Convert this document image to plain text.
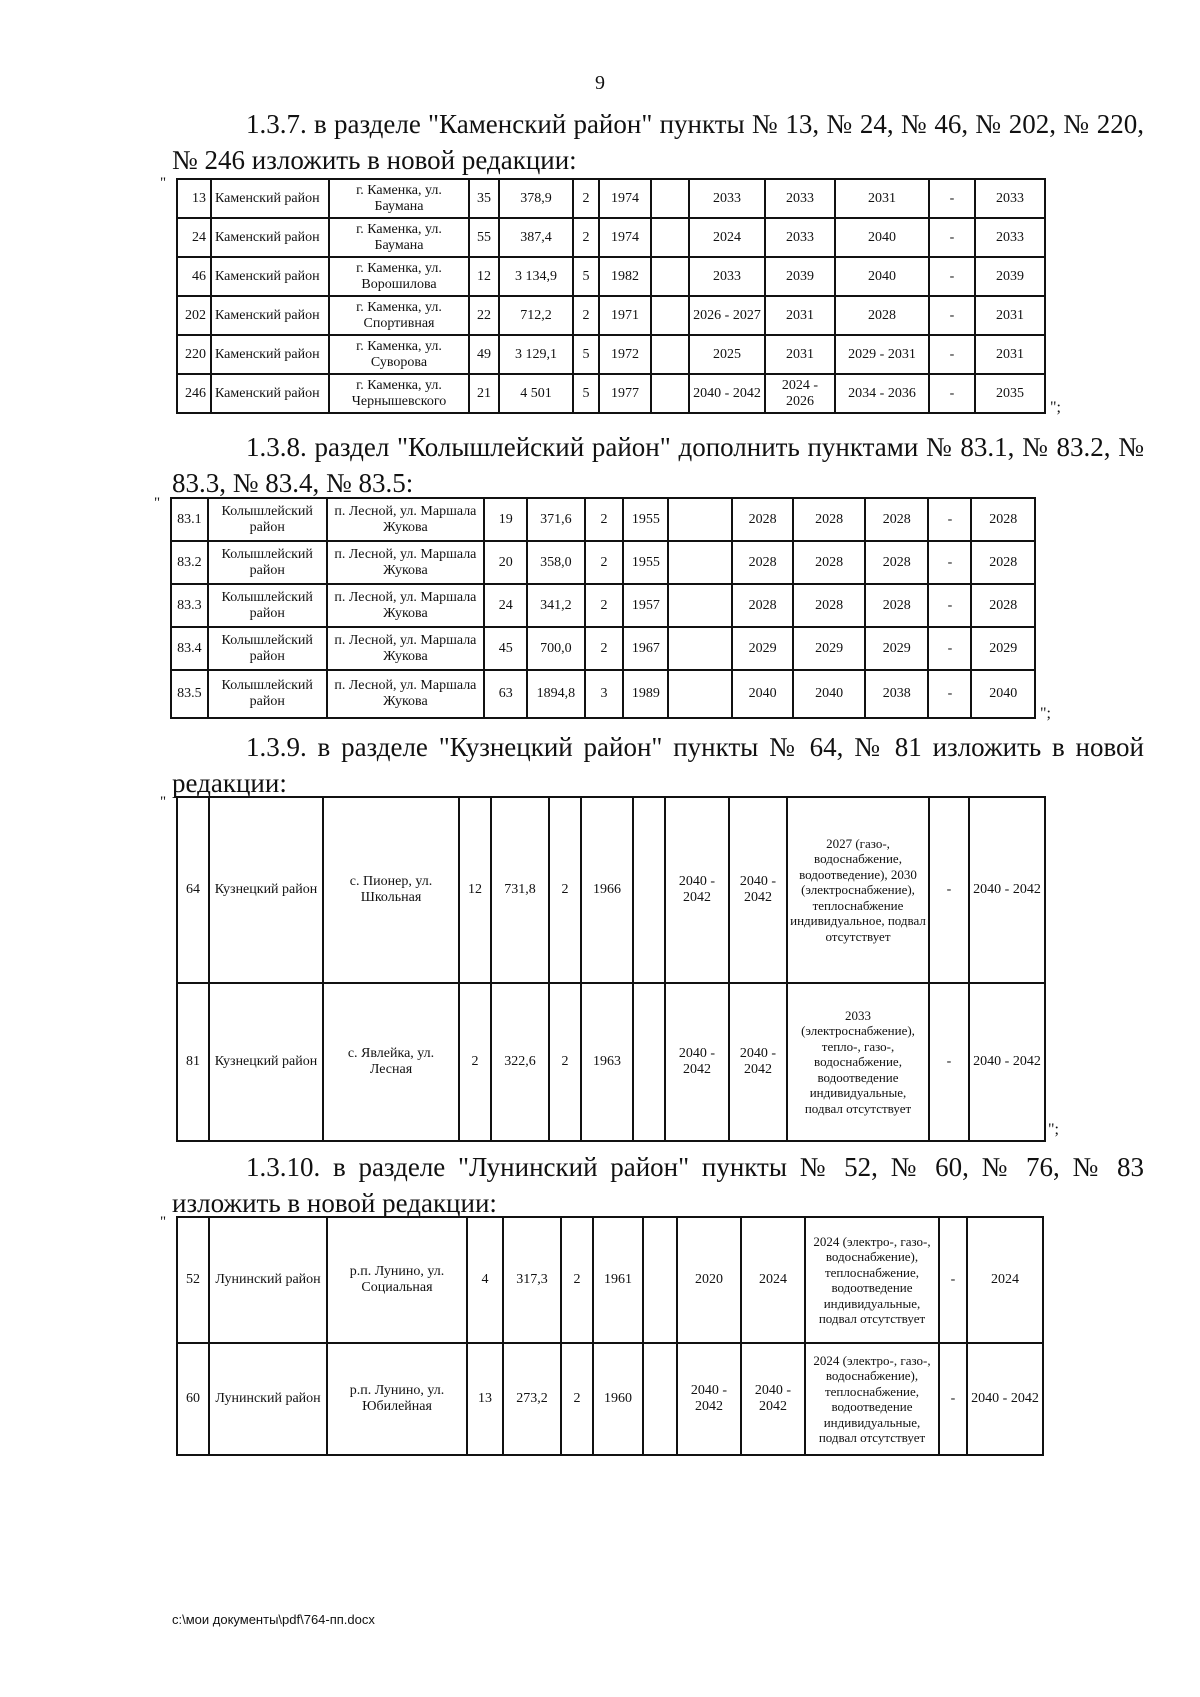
9

1.3.7. в разделе "Каменский район" пункты № 13, № 24, № 46, № 202, № 220, № 246 изложить в новой редакции:

"
13	Каменский район	г. Каменка, ул. Баумана	35	378,9	2	1974		2033	2033	2031	-	2033
24	Каменский район	г. Каменка, ул. Баумана	55	387,4	2	1974		2024	2033	2040	-	2033
46	Каменский район	г. Каменка, ул. Ворошилова	12	3 134,9	5	1982		2033	2039	2040	-	2039
202	Каменский район	г. Каменка, ул. Спортивная	22	712,2	2	1971		2026 - 2027	2031	2028	-	2031
220	Каменский район	г. Каменка, ул. Суворова	49	3 129,1	5	1972		2025	2031	2029 - 2031	-	2031
246	Каменский район	г. Каменка, ул. Чернышевского	21	4 501	5	1977		2040 - 2042	2024 - 2026	2034 - 2036	-	2035
";

1.3.8. раздел "Колышлейский район" дополнить пунктами № 83.1, № 83.2, № 83.3, № 83.4, № 83.5:

"
83.1	Колышлейский район	п. Лесной, ул. Маршала Жукова	19	371,6	2	1955		2028	2028	2028	-	2028
83.2	Колышлейский район	п. Лесной, ул. Маршала Жукова	20	358,0	2	1955		2028	2028	2028	-	2028
83.3	Колышлейский район	п. Лесной, ул. Маршала Жукова	24	341,2	2	1957		2028	2028	2028	-	2028
83.4	Колышлейский район	п. Лесной, ул. Маршала Жукова	45	700,0	2	1967		2029	2029	2029	-	2029
83.5	Колышлейский район	п. Лесной, ул. Маршала Жукова	63	1894,8	3	1989		2040	2040	2038	-	2040
";

1.3.9. в разделе "Кузнецкий район" пункты № 64, № 81 изложить в новой редакции:

"
64	Кузнецкий район	с. Пионер, ул. Школьная	12	731,8	2	1966		2040 - 2042	2040 - 2042	2027 (газо-, водоснабжение, водоотведение), 2030 (электроснабжение), теплоснабжение индивидуальное, подвал отсутствует	-	2040 - 2042
81	Кузнецкий район	с. Явлейка, ул. Лесная	2	322,6	2	1963		2040 - 2042	2040 - 2042	2033 (электроснабжение), тепло-, газо-, водоснабжение, водоотведение индивидуальные, подвал отсутствует	-	2040 - 2042
";

1.3.10. в разделе "Лунинский район" пункты № 52, № 60, № 76, № 83 изложить в новой редакции:

"
52	Лунинский район	р.п. Лунино, ул. Социальная	4	317,3	2	1961		2020	2024	2024 (электро-, газо-, водоснабжение), теплоснабжение, водоотведение индивидуальные, подвал отсутствует	-	2024
60	Лунинский район	р.п. Лунино, ул. Юбилейная	13	273,2	2	1960		2040 - 2042	2040 - 2042	2024 (электро-, газо-, водоснабжение), теплоснабжение, водоотведение индивидуальные, подвал отсутствует	-	2040 - 2042
c:\мои документы\pdf\764-пп.docx
